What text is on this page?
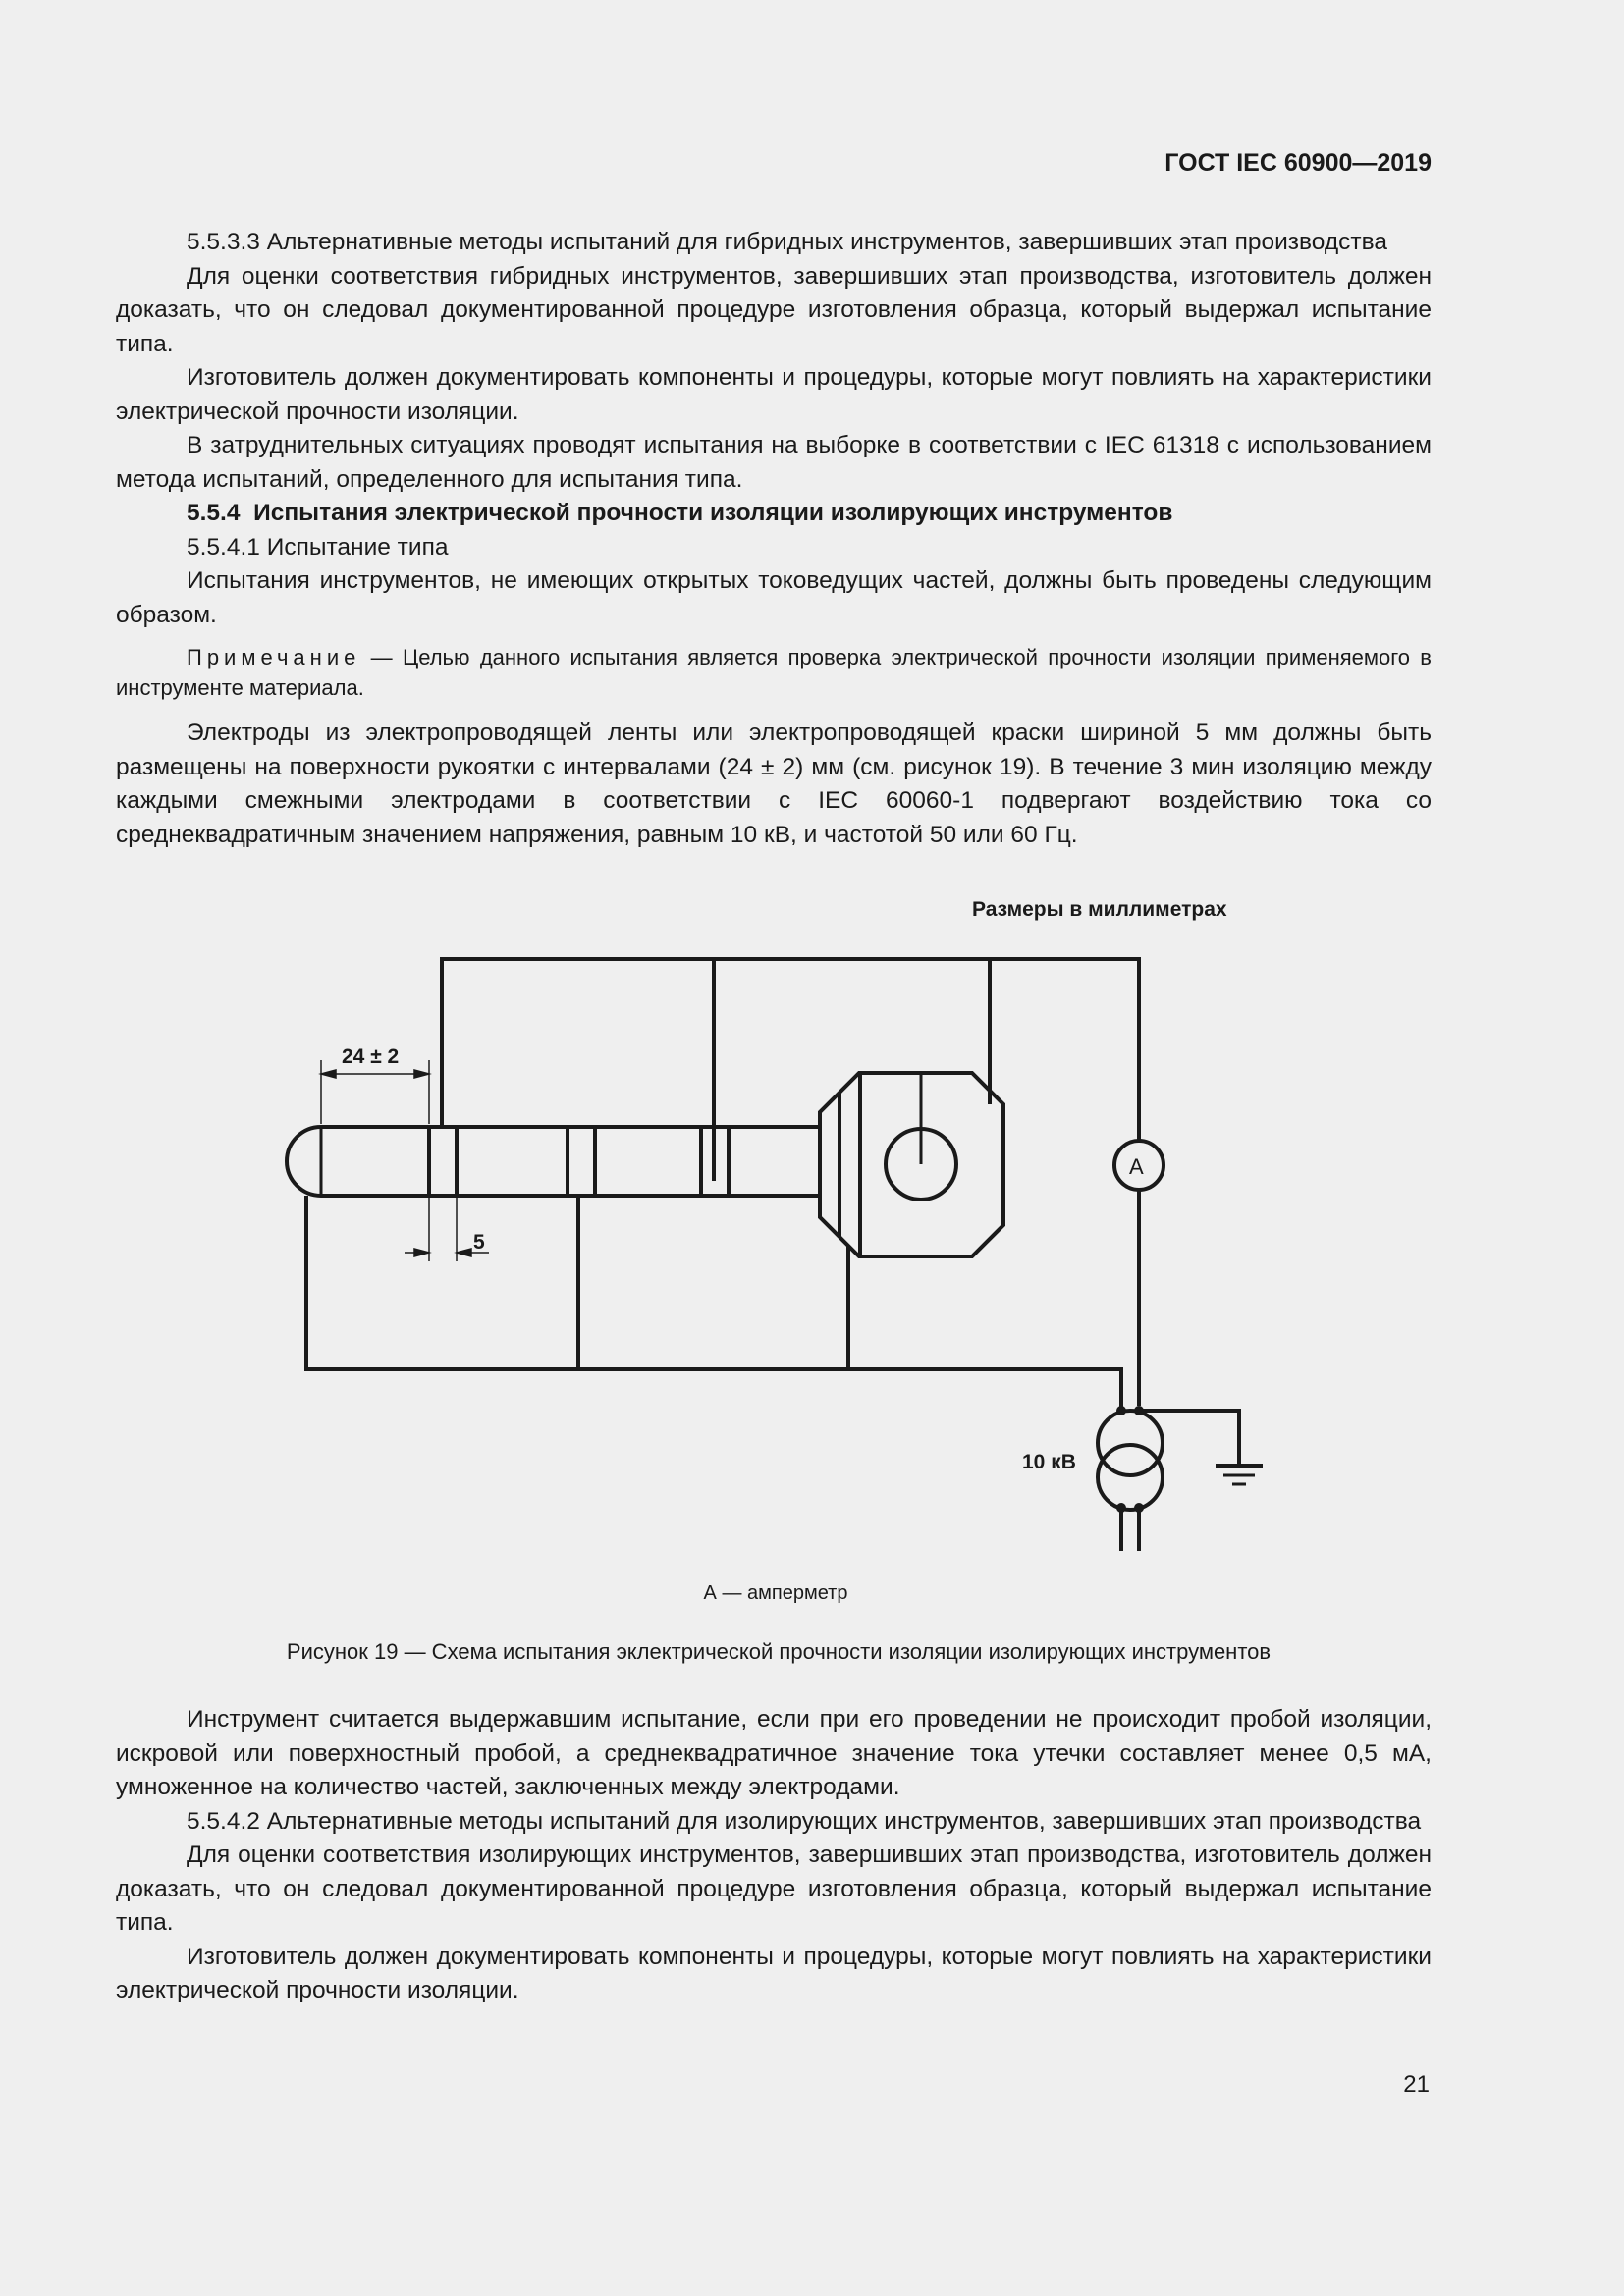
ГОСТ IEC 60900—2019

5.5.3.3 Альтернативные методы испытаний для гибридных инструментов, завершивших этап производства

Для оценки соответствия гибридных инструментов, завершивших этап производства, изготовитель должен доказать, что он следовал документированной процедуре изготовления образца, который выдержал испытание типа.

Изготовитель должен документировать компоненты и процедуры, которые могут повлиять на характеристики электрической прочности изоляции.

В затруднительных ситуациях проводят испытания на выборке в соответствии с IEC 61318 с использованием метода испытаний, определенного для испытания типа.

5.5.4 Испытания электрической прочности изоляции изолирующих инструментов

5.5.4.1 Испытание типа

Испытания инструментов, не имеющих открытых токоведущих частей, должны быть проведены следующим образом.

Примечание — Целью данного испытания является проверка электрической прочности изоляции применяемого в инструменте материала.

Электроды из электропроводящей ленты или электропроводящей краски шириной 5 мм должны быть размещены на поверхности рукоятки с интервалами (24 ± 2) мм (см. рисунок 19). В течение 3 мин изоляцию между каждыми смежными электродами в соответствии с IEC 60060-1 подвергают воздействию тока со среднеквадратичным значением напряжения, равным 10 кВ, и частотой 50 или 60 Гц.

Размеры в миллиметрах
24 ± 2
5
A
10 кВ
А — амперметр
Рисунок 19 — Схема испытания эклектрической прочности изоляции изолирующих инструментов

Инструмент считается выдержавшим испытание, если при его проведении не происходит пробой изоляции, искровой или поверхностный пробой, а среднеквадратичное значение тока утечки составляет менее 0,5 мА, умноженное на количество частей, заключенных между электродами.

5.5.4.2 Альтернативные методы испытаний для изолирующих инструментов, завершивших этап производства

Для оценки соответствия изолирующих инструментов, завершивших этап производства, изготовитель должен доказать, что он следовал документированной процедуре изготовления образца, который выдержал испытание типа.

Изготовитель должен документировать компоненты и процедуры, которые могут повлиять на характеристики электрической прочности изоляции.

21
